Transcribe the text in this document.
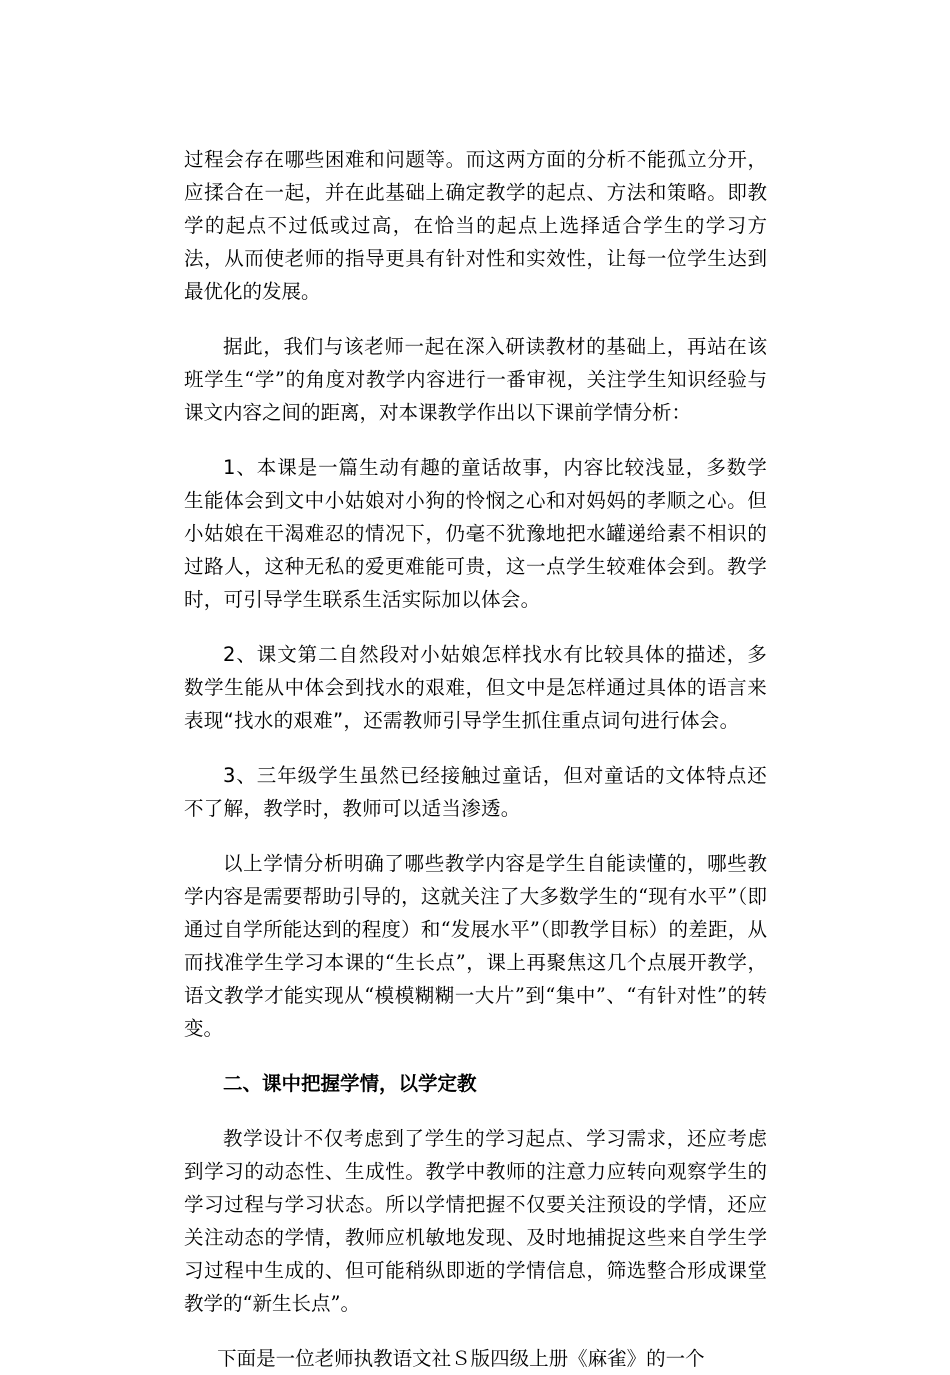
过程会存在哪些困难和问题等。而这两方面的分析不能孤立分开，应揉合在一起，并在此基础上确定教学的起点、方法和策略。即教学的起点不过低或过高，在恰当的起点上选择适合学生的学习方法，从而使老师的指导更具有针对性和实效性，让每一位学生达到最优化的发展。

据此，我们与该老师一起在深入研读教材的基础上，再站在该班学生“学”的角度对教学内容进行一番审视，关注学生知识经验与课文内容之间的距离，对本课教学作出以下课前学情分析：

1、本课是一篇生动有趣的童话故事，内容比较浅显，多数学生能体会到文中小姑娘对小狗的怜悯之心和对妈妈的孝顺之心。但小姑娘在干渴难忍的情况下，仍毫不犹豫地把水罐递给素不相识的过路人，这种无私的爱更难能可贵，这一点学生较难体会到。教学时，可引导学生联系生活实际加以体会。

2、课文第二自然段对小姑娘怎样找水有比较具体的描述，多数学生能从中体会到找水的艰难，但文中是怎样通过具体的语言来表现“找水的艰难”，还需教师引导学生抓住重点词句进行体会。

3、三年级学生虽然已经接触过童话，但对童话的文体特点还不了解，教学时，教师可以适当渗透。

以上学情分析明确了哪些教学内容是学生自能读懂的，哪些教学内容是需要帮助引导的，这就关注了大多数学生的“现有水平”（即通过自学所能达到的程度）和“发展水平”（即教学目标）的差距，从而找准学生学习本课的“生长点”，课上再聚焦这几个点展开教学，语文教学才能实现从“模模糊糊一大片”到“集中”、“有针对性”的转变。

二、课中把握学情，以学定教

教学设计不仅考虑到了学生的学习起点、学习需求，还应考虑到学习的动态性、生成性。教学中教师的注意力应转向观察学生的学习过程与学习状态。所以学情把握不仅要关注预设的学情，还应关注动态的学情，教师应机敏地发现、及时地捕捉这些来自学生学习过程中生成的、但可能稍纵即逝的学情信息，筛选整合形成课堂教学的“新生长点”。

下面是一位老师执教语文社Ｓ版四级上册《麻雀》的一个
